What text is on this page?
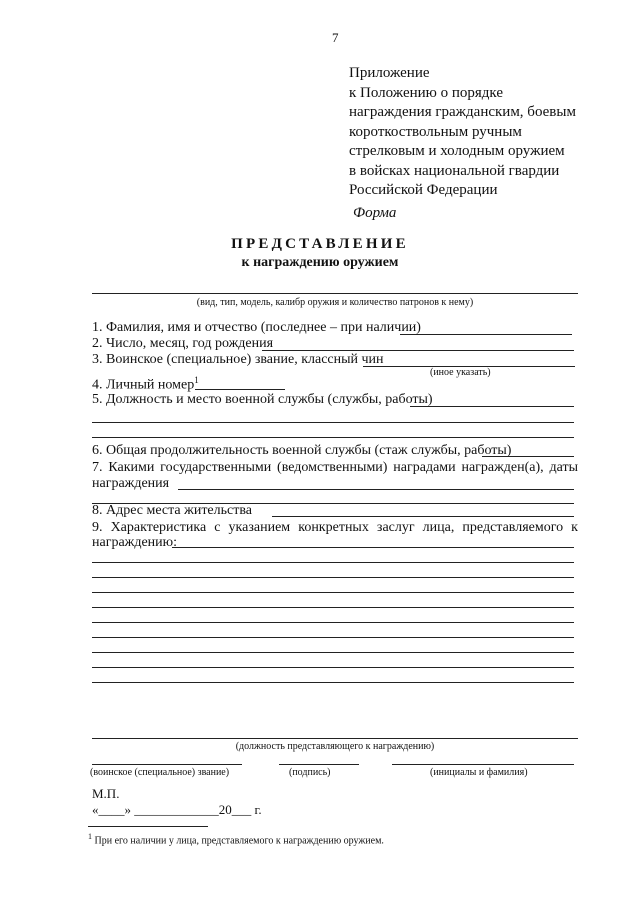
7
Приложение
к Положению о порядке
награждения гражданским, боевым
короткоствольным ручным
стрелковым и холодным оружием
в войсках национальной гвардии
Российской Федерации
Форма
ПРЕДСТАВЛЕНИЕ
к награждению оружием
(вид, тип, модель, калибр оружия и количество патронов к нему)
1. Фамилия, имя и отчество (последнее – при наличии)
2. Число, месяц, год рождения
3. Воинское (специальное) звание, классный чин
(иное указать)
4. Личный номер$^1$
5. Должность и место военной службы (службы, работы)
6. Общая продолжительность военной службы (стаж службы, работы)
7. Какими государственными (ведомственными) наградами награжден(а), даты
награждения
8. Адрес места жительства
9. Характеристика с указанием конкретных заслуг лица, представляемого к
награждению:
(должность представляющего к награждению)
(воинское (специальное) звание)	(подпись)	(инициалы и фамилия)
М.П.
«____» _____________20___ г.
$^1$ При его наличии у лица, представляемого к награждению оружием.
